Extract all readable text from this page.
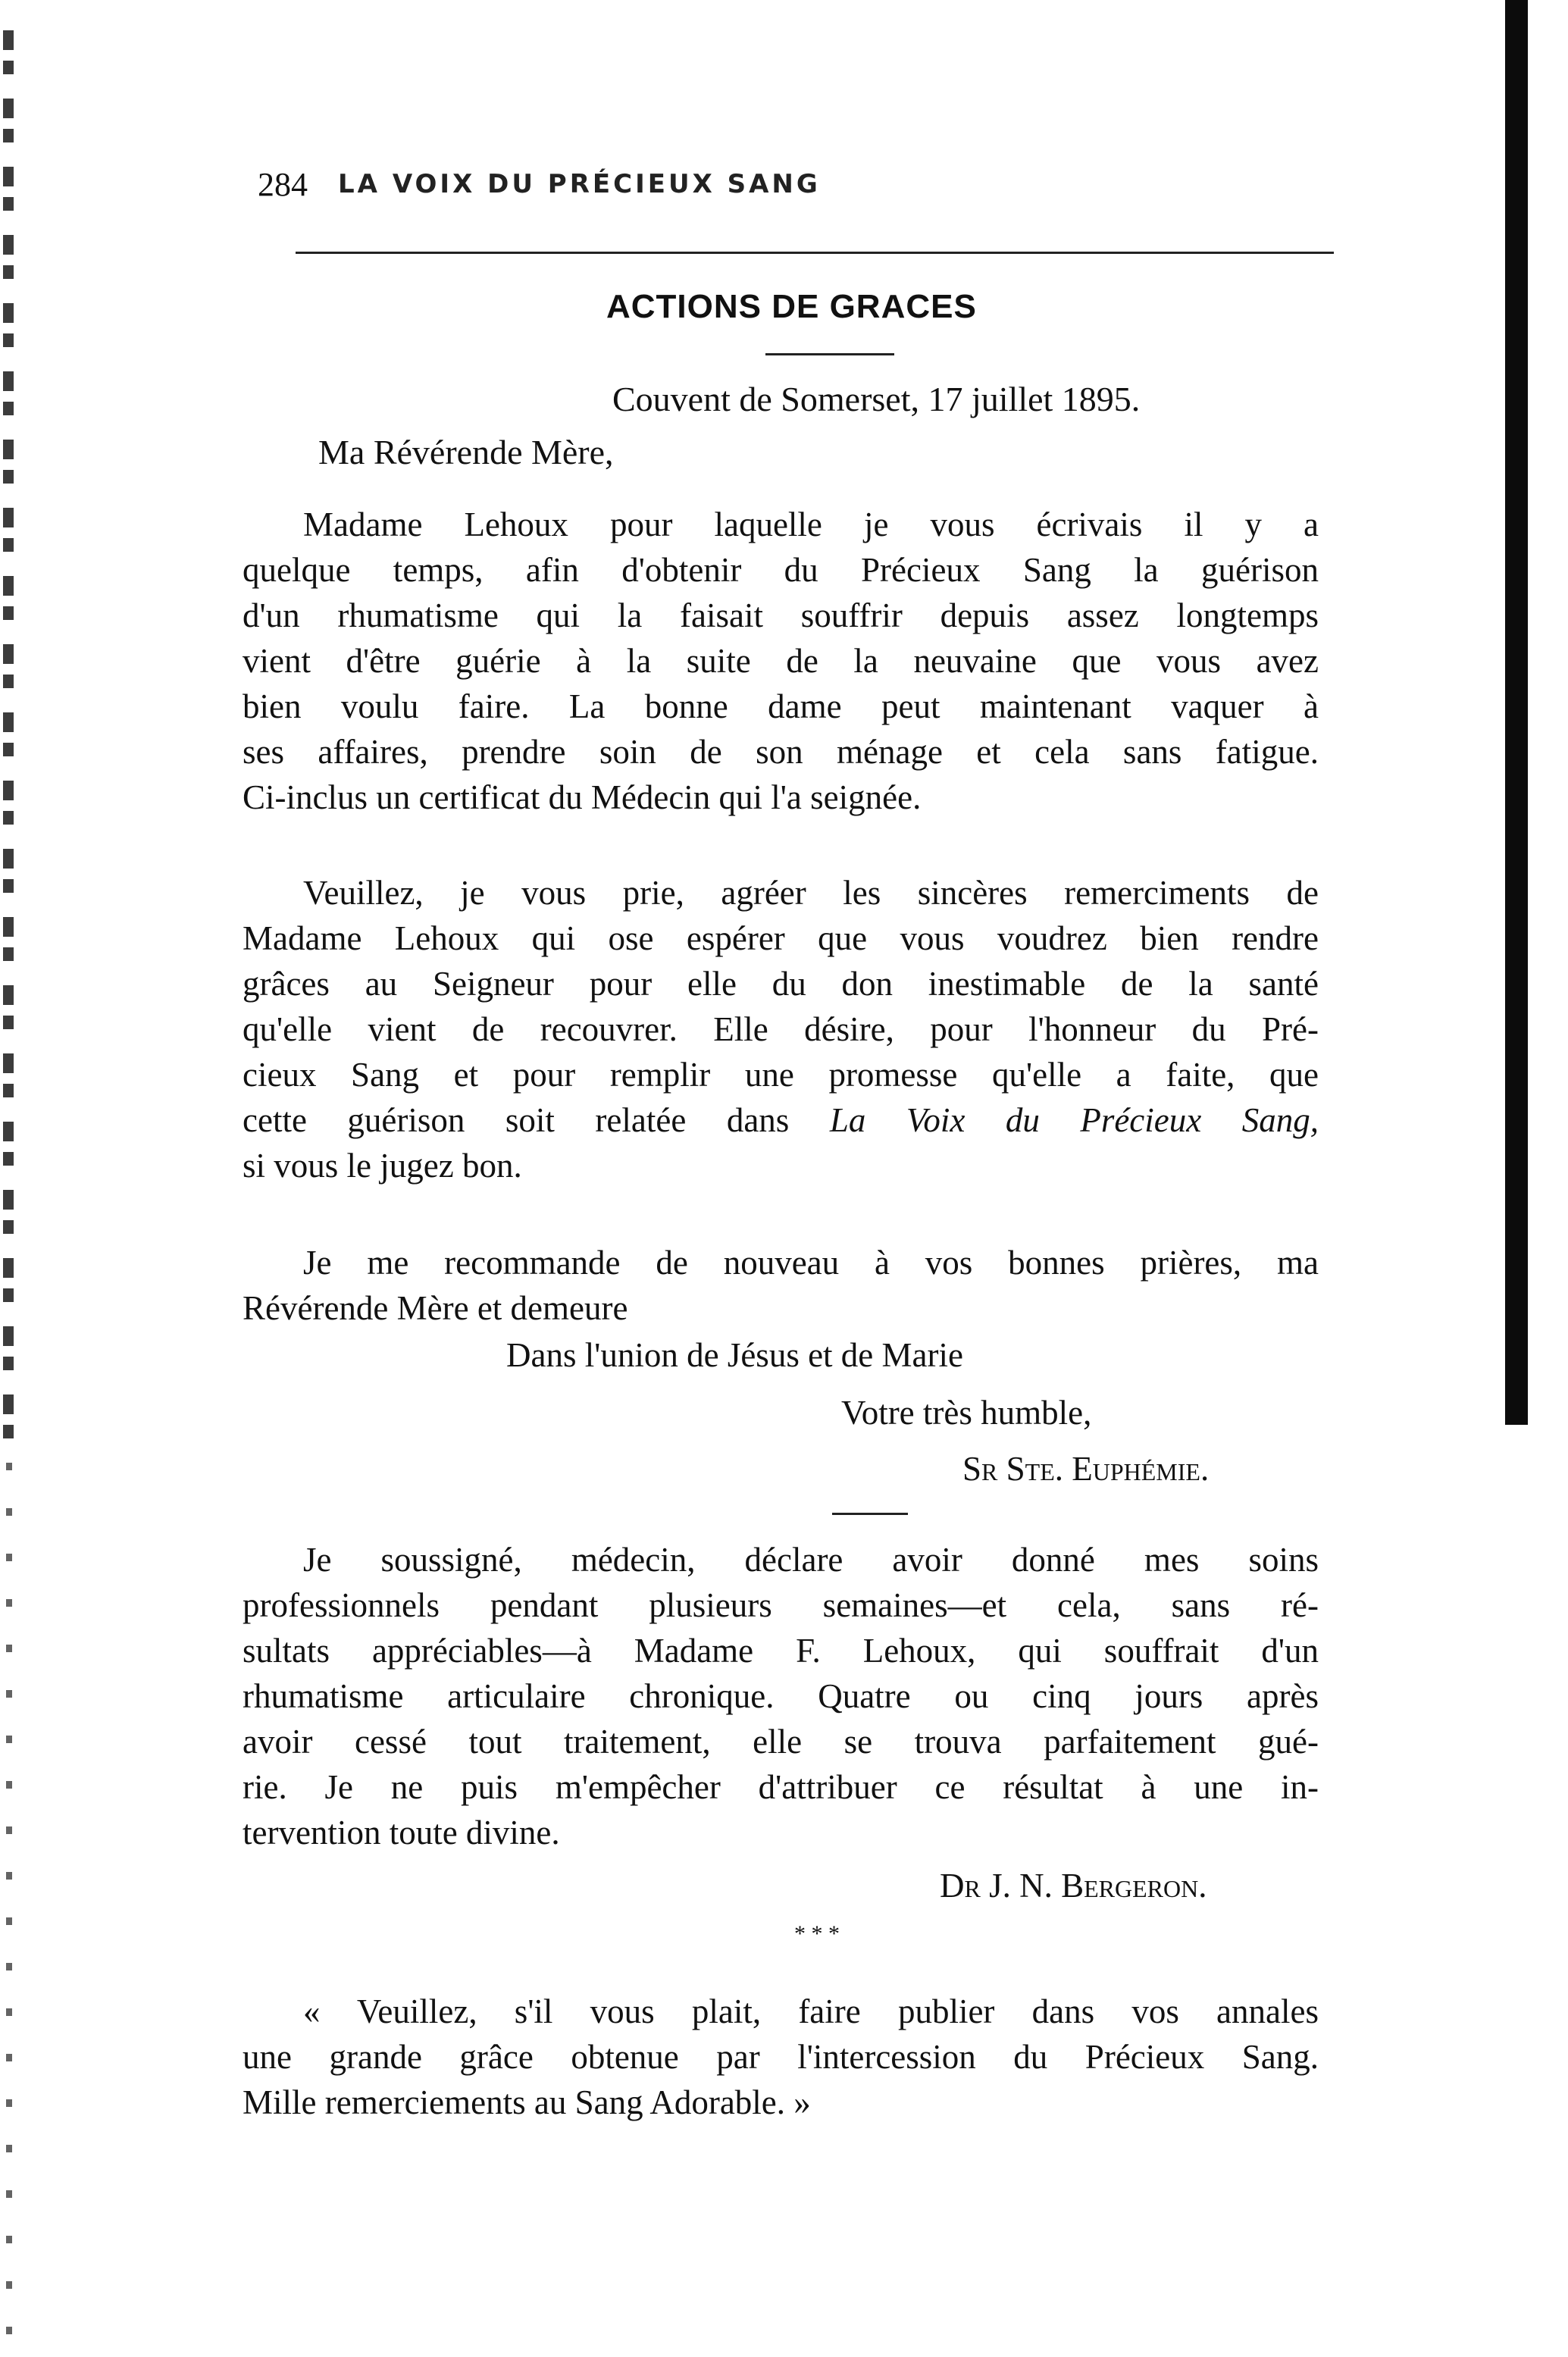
284 LA VOIX DU PRÉCIEUX SANG
ACTIONS DE GRACES
Couvent de Somerset, 17 juillet 1895.
Ma Révérende Mère,
Madame Lehoux pour laquelle je vous écrivais il y a
quelque temps, afin d'obtenir du Précieux Sang la guérison
d'un rhumatisme qui la faisait souffrir depuis assez longtemps
vient d'être guérie à la suite de la neuvaine que vous avez
bien voulu faire. La bonne dame peut maintenant vaquer à
ses affaires, prendre soin de son ménage et cela sans fatigue.
Ci-inclus un certificat du Médecin qui l'a seignée.
Veuillez, je vous prie, agréer les sincères remerciments de
Madame Lehoux qui ose espérer que vous voudrez bien rendre
grâces au Seigneur pour elle du don inestimable de la santé
qu'elle vient de recouvrer. Elle désire, pour l'honneur du Pré-
cieux Sang et pour remplir une promesse qu'elle a faite, que
cette guérison soit relatée dans La Voix du Précieux Sang,
si vous le jugez bon.
Je me recommande de nouveau à vos bonnes prières, ma
Révérende Mère et demeure
Dans l'union de Jésus et de Marie
Votre très humble,
Sr Ste. Euphémie.
Je soussigné, médecin, déclare avoir donné mes soins
professionnels pendant plusieurs semaines—et cela, sans ré-
sultats appréciables—à Madame F. Lehoux, qui souffrait d'un
rhumatisme articulaire chronique. Quatre ou cinq jours après
avoir cessé tout traitement, elle se trouva parfaitement gué-
rie. Je ne puis m'empêcher d'attribuer ce résultat à une in-
tervention toute divine.
Dr J. N. Bergeron.
* * *
« Veuillez, s'il vous plait, faire publier dans vos annales
une grande grâce obtenue par l'intercession du Précieux Sang.
Mille remerciements au Sang Adorable. »
